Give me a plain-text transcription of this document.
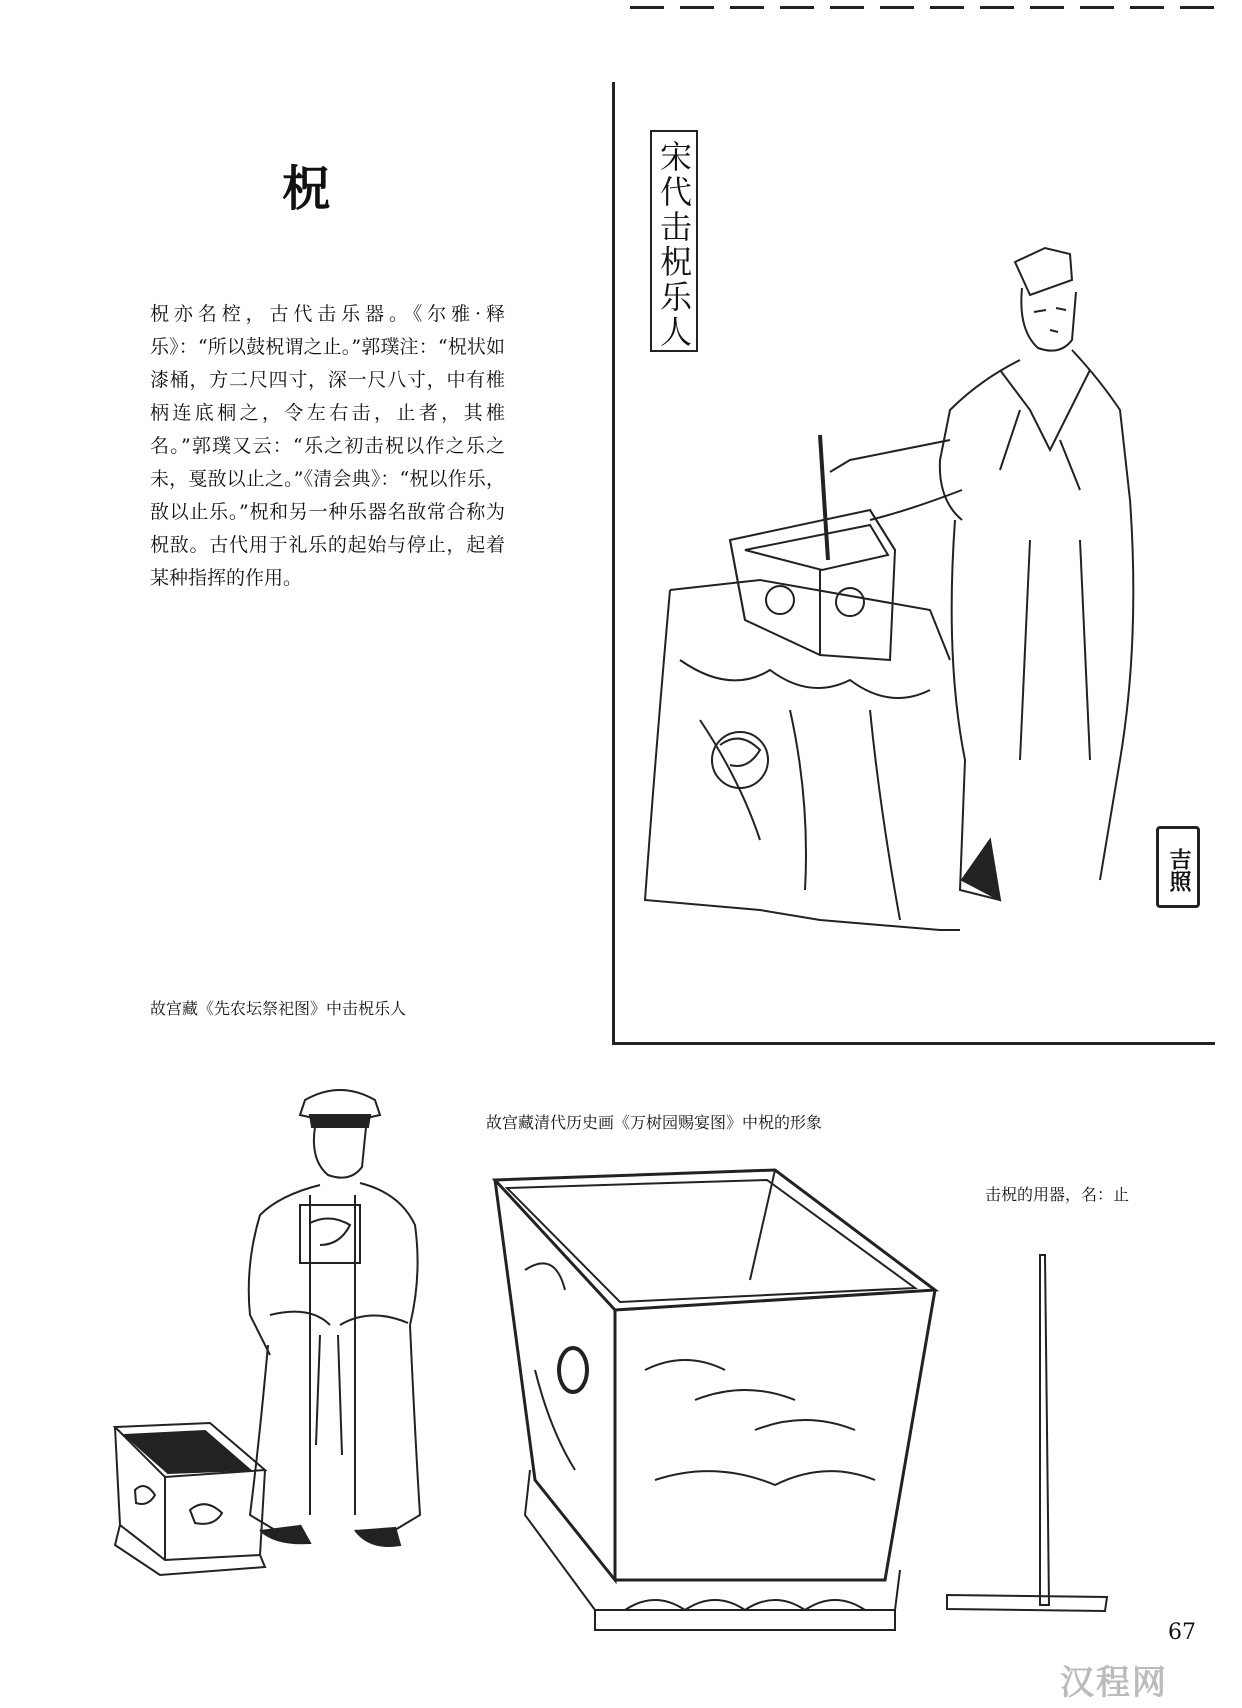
柷
柷亦名椌，古代击乐器。《尔雅·释乐》：“所以鼓柷谓之止。”郭璞注：“柷状如漆桶，方二尺四寸，深一尺八寸，中有椎柄连底桐之，令左右击，止者，其椎名。”郭璞又云：“乐之初击柷以作之乐之未，戛敔以止之。”《清会典》：“柷以作乐，敔以止乐。”柷和另一种乐器名敔常合称为柷敔。古代用于礼乐的起始与停止，起着某种指挥的作用。
宋代击柷乐人
吉照
故宫藏《先农坛祭祀图》中击柷乐人
故宫藏清代历史画《万树园赐宴图》中柷的形象
击柷的用器，名：止
67
汉程网
